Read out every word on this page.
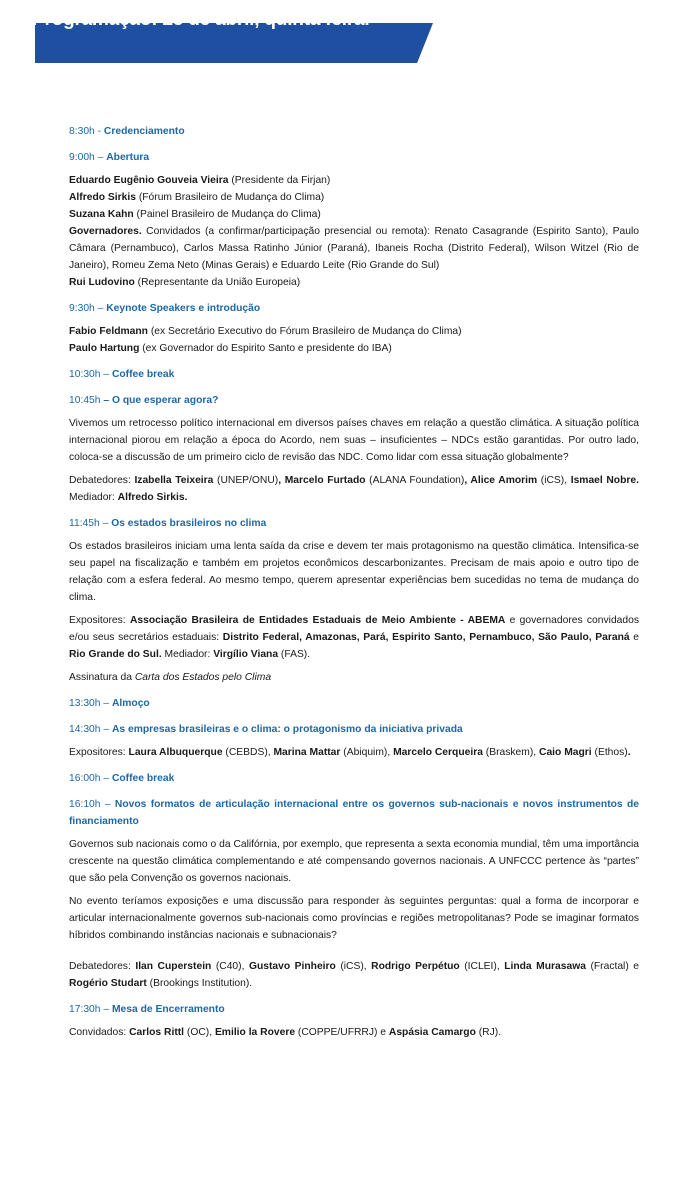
Programação: 25 de abril, quinta feira.
8:30h - Credenciamento
9:00h – Abertura

Eduardo Eugênio Gouveia Vieira (Presidente da Firjan)

Alfredo Sirkis (Fórum Brasileiro de Mudança do Clima)

Suzana Kahn (Painel Brasileiro de Mudança do Clima)

Governadores. Convidados (a confirmar/participação presencial ou remota): Renato Casagrande (Espirito Santo), Paulo Câmara (Pernambuco), Carlos Massa Ratinho Júnior (Paraná), Ibaneis Rocha (Distrito Federal), Wilson Witzel (Rio de Janeiro), Romeu Zema Neto (Minas Gerais) e Eduardo Leite (Rio Grande do Sul)

Rui Ludovino (Representante da União Europeia)

9:30h – Keynote Speakers e introdução

Fabio Feldmann (ex Secretário Executivo do Fórum Brasileiro de Mudança do Clima)

Paulo Hartung (ex Governador do Espirito Santo e presidente do IBA)

10:30h – Coffee break
10:45h – O que esperar agora?

Vivemos um retrocesso político internacional em diversos países chaves em relação a questão climática. A situação política internacional piorou em relação a época do Acordo, nem suas – insuficientes – NDCs estão garantidas. Por outro lado, coloca-se a discussão de um primeiro ciclo de revisão das NDC. Como lidar com essa situação globalmente?

Debatedores: Izabella Teixeira (UNEP/ONU), Marcelo Furtado (ALANA Foundation), Alice Amorim (iCS), Ismael Nobre. Mediador: Alfredo Sirkis.

11:45h – Os estados brasileiros no clima

Os estados brasileiros iniciam uma lenta saída da crise e devem ter mais protagonismo na questão climática. Intensifica-se seu papel na fiscalização e também em projetos econômicos descarbonizantes. Precisam de mais apoio e outro tipo de relação com a esfera federal. Ao mesmo tempo, querem apresentar experiências bem sucedidas no tema de mudança do clima.

Expositores: Associação Brasileira de Entidades Estaduais de Meio Ambiente - ABEMA e governadores convidados e/ou seus secretários estaduais: Distrito Federal, Amazonas, Pará, Espirito Santo, Pernambuco, São Paulo, Paraná e Rio Grande do Sul. Mediador: Virgílio Viana (FAS).

Assinatura da Carta dos Estados pelo Clima

13:30h – Almoço
14:30h – As empresas brasileiras e o clima: o protagonismo da iniciativa privada

Expositores: Laura Albuquerque (CEBDS), Marina Mattar (Abiquim), Marcelo Cerqueira (Braskem), Caio Magri (Ethos).

16:00h – Coffee break
16:10h – Novos formatos de articulação internacional entre os governos sub-nacionais e novos instrumentos de financiamento

Governos sub nacionais como o da Califórnia, por exemplo, que representa a sexta economia mundial, têm uma importância crescente na questão climática complementando e até compensando governos nacionais. A UNFCCC pertence às “partes” que são pela Convenção os governos nacionais.

No evento teríamos exposições e uma discussão para responder às seguintes perguntas: qual a forma de incorporar e articular internacionalmente governos sub-nacionais como províncias e regiões metropolitanas? Pode se imaginar formatos híbridos combinando instâncias nacionais e subnacionais?

Debatedores: Ilan Cuperstein (C40), Gustavo Pinheiro (iCS), Rodrigo Perpétuo (ICLEI), Linda Murasawa (Fractal) e Rogério Studart (Brookings Institution).

17:30h – Mesa de Encerramento

Convidados: Carlos Rittl (OC), Emilio la Rovere (COPPE/UFRRJ) e Aspásia Camargo (RJ).
